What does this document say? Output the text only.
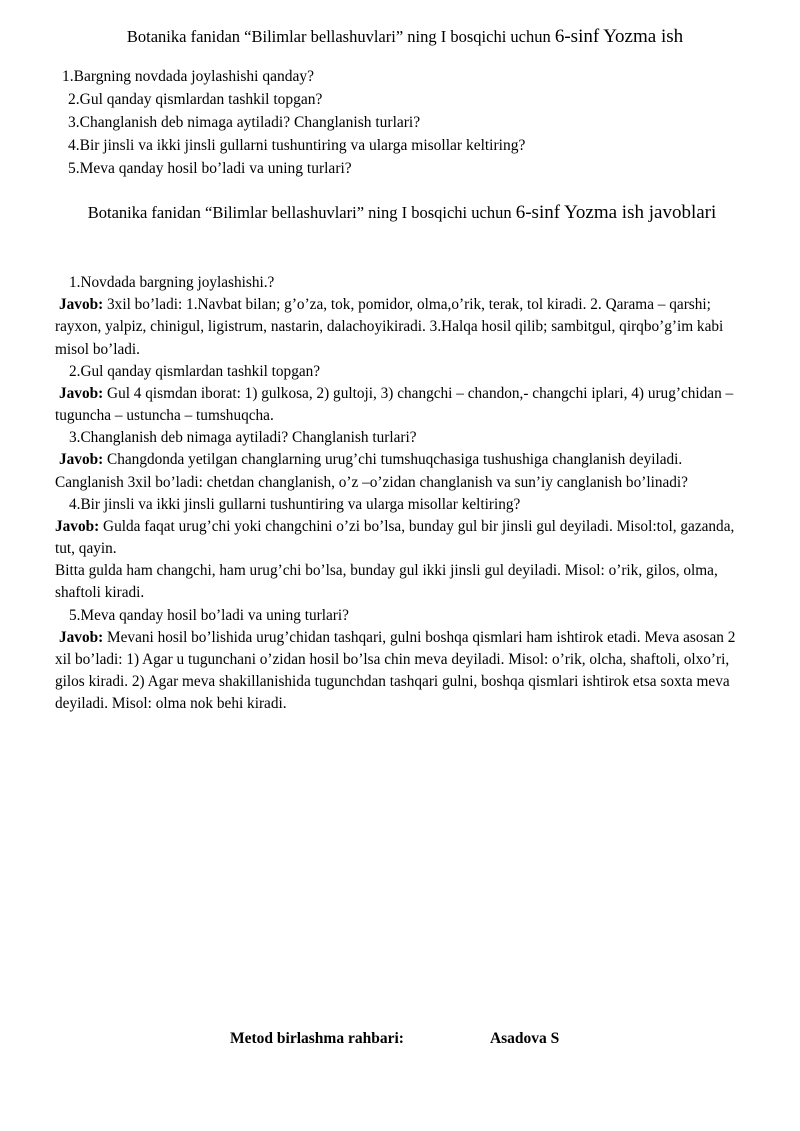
Botanika fanidan “Bilimlar bellashuvlari” ning I bosqichi uchun 6-sinf Yozma ish
1.Bargning novdada joylashishi qanday?
2.Gul qanday qismlardan tashkil topgan?
3.Changlanish deb nimaga aytiladi? Changlanish turlari?
4.Bir jinsli va ikki jinsli gullarni tushuntiring va ularga misollar keltiring?
5.Meva qanday hosil bo’ladi va uning turlari?
Botanika fanidan “Bilimlar bellashuvlari” ning I bosqichi uchun 6-sinf Yozma ish javoblari

1.Novdada bargning joylashishi.?

Javob: 3xil bo’ladi: 1.Navbat bilan; g’o’za, tok, pomidor, olma,o’rik, terak, tol kiradi. 2. Qarama – qarshi; rayxon, yalpiz, chinigul, ligistrum, nastarin, dalachoyikiradi. 3.Halqa hosil qilib; sambitgul, qirqbo’g’im kabi misol bo’ladi.

2.Gul qanday qismlardan tashkil topgan?

Javob: Gul 4 qismdan iborat: 1) gulkosa, 2) gultoji, 3) changchi – chandon,- changchi iplari, 4) urug’chidan –tuguncha – ustuncha – tumshuqcha.

3.Changlanish deb nimaga aytiladi? Changlanish turlari?

Javob: Changdonda yetilgan changlarning urug’chi tumshuqchasiga tushushiga changlanish deyiladi. Canglanish 3xil bo’ladi: chetdan changlanish, o’z –o’zidan changlanish va sun’iy canglanish bo’linadi?

4.Bir jinsli va ikki jinsli gullarni tushuntiring va ularga misollar keltiring?

Javob: Gulda faqat urug’chi yoki changchini o’zi bo’lsa, bunday gul bir jinsli gul deyiladi. Misol:tol, gazanda, tut, qayin.

Bitta gulda ham changchi, ham urug’chi bo’lsa, bunday gul ikki jinsli gul deyiladi. Misol: o’rik, gilos, olma, shaftoli kiradi.

5.Meva qanday hosil bo’ladi va uning turlari?

Javob: Mevani hosil bo’lishida urug’chidan tashqari, gulni boshqa qismlari ham ishtirok etadi. Meva asosan 2 xil bo’ladi: 1) Agar u tugunchani o’zidan hosil bo’lsa chin meva deyiladi. Misol: o’rik, olcha, shaftoli, olxo’ri, gilos kiradi. 2) Agar meva shakillanishida tugunchdan tashqari gulni, boshqa qismlari ishtirok etsa soxta meva deyiladi. Misol: olma nok behi kiradi.

Metod birlashma rahbari:	Asadova S
